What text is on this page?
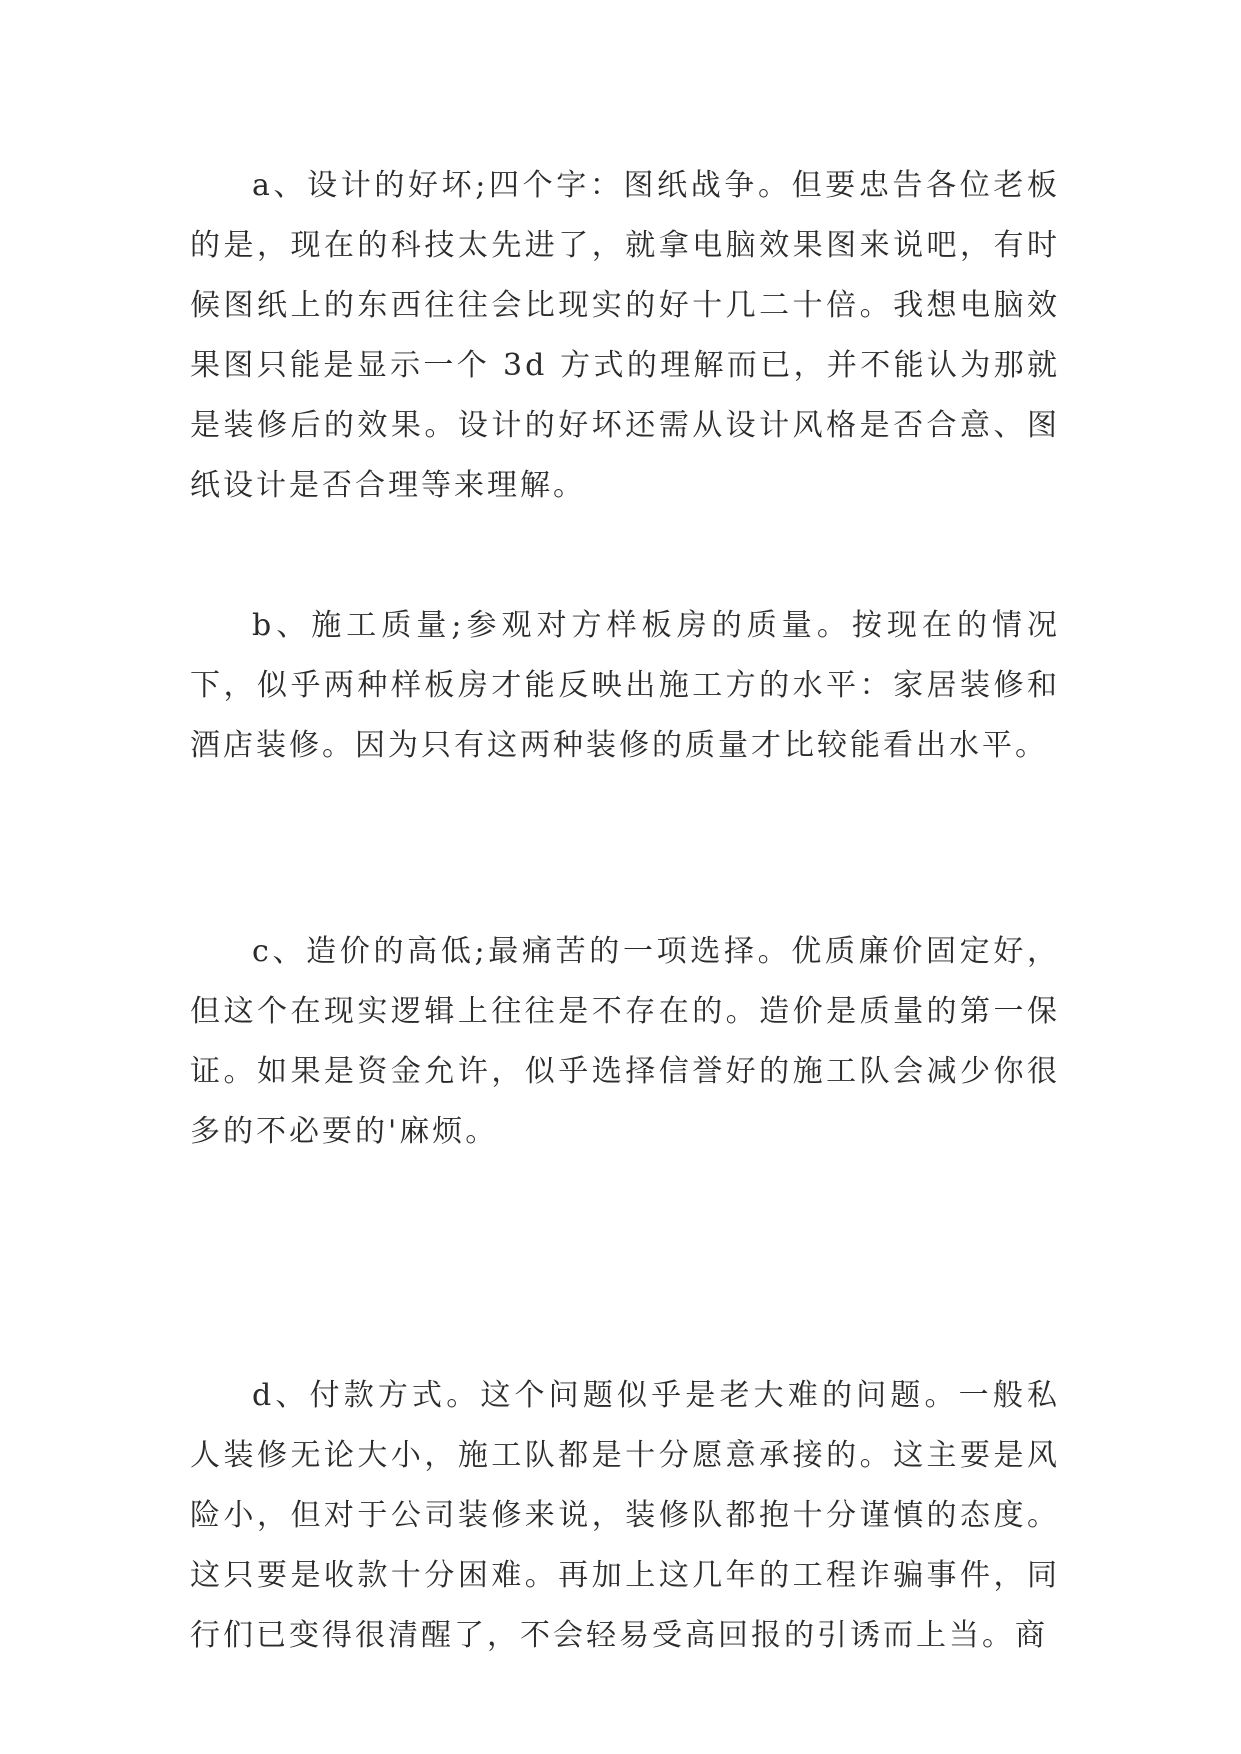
a、设计的好坏;四个字：图纸战争。但要忠告各位老板的是，现在的科技太先进了，就拿电脑效果图来说吧，有时候图纸上的东西往往会比现实的好十几二十倍。我想电脑效果图只能是显示一个 3d 方式的理解而已，并不能认为那就是装修后的效果。设计的好坏还需从设计风格是否合意、图纸设计是否合理等来理解。

b、施工质量;参观对方样板房的质量。按现在的情况下，似乎两种样板房才能反映出施工方的水平：家居装修和酒店装修。因为只有这两种装修的质量才比较能看出水平。

c、造价的高低;最痛苦的一项选择。优质廉价固定好，但这个在现实逻辑上往往是不存在的。造价是质量的第一保证。如果是资金允许，似乎选择信誉好的施工队会减少你很多的不必要的'麻烦。

d、付款方式。这个问题似乎是老大难的问题。一般私人装修无论大小，施工队都是十分愿意承接的。这主要是风险小，但对于公司装修来说，装修队都抱十分谨慎的态度。这只要是收款十分困难。再加上这几年的工程诈骗事件，同行们已变得很清醒了，不会轻易受高回报的引诱而上当。商
